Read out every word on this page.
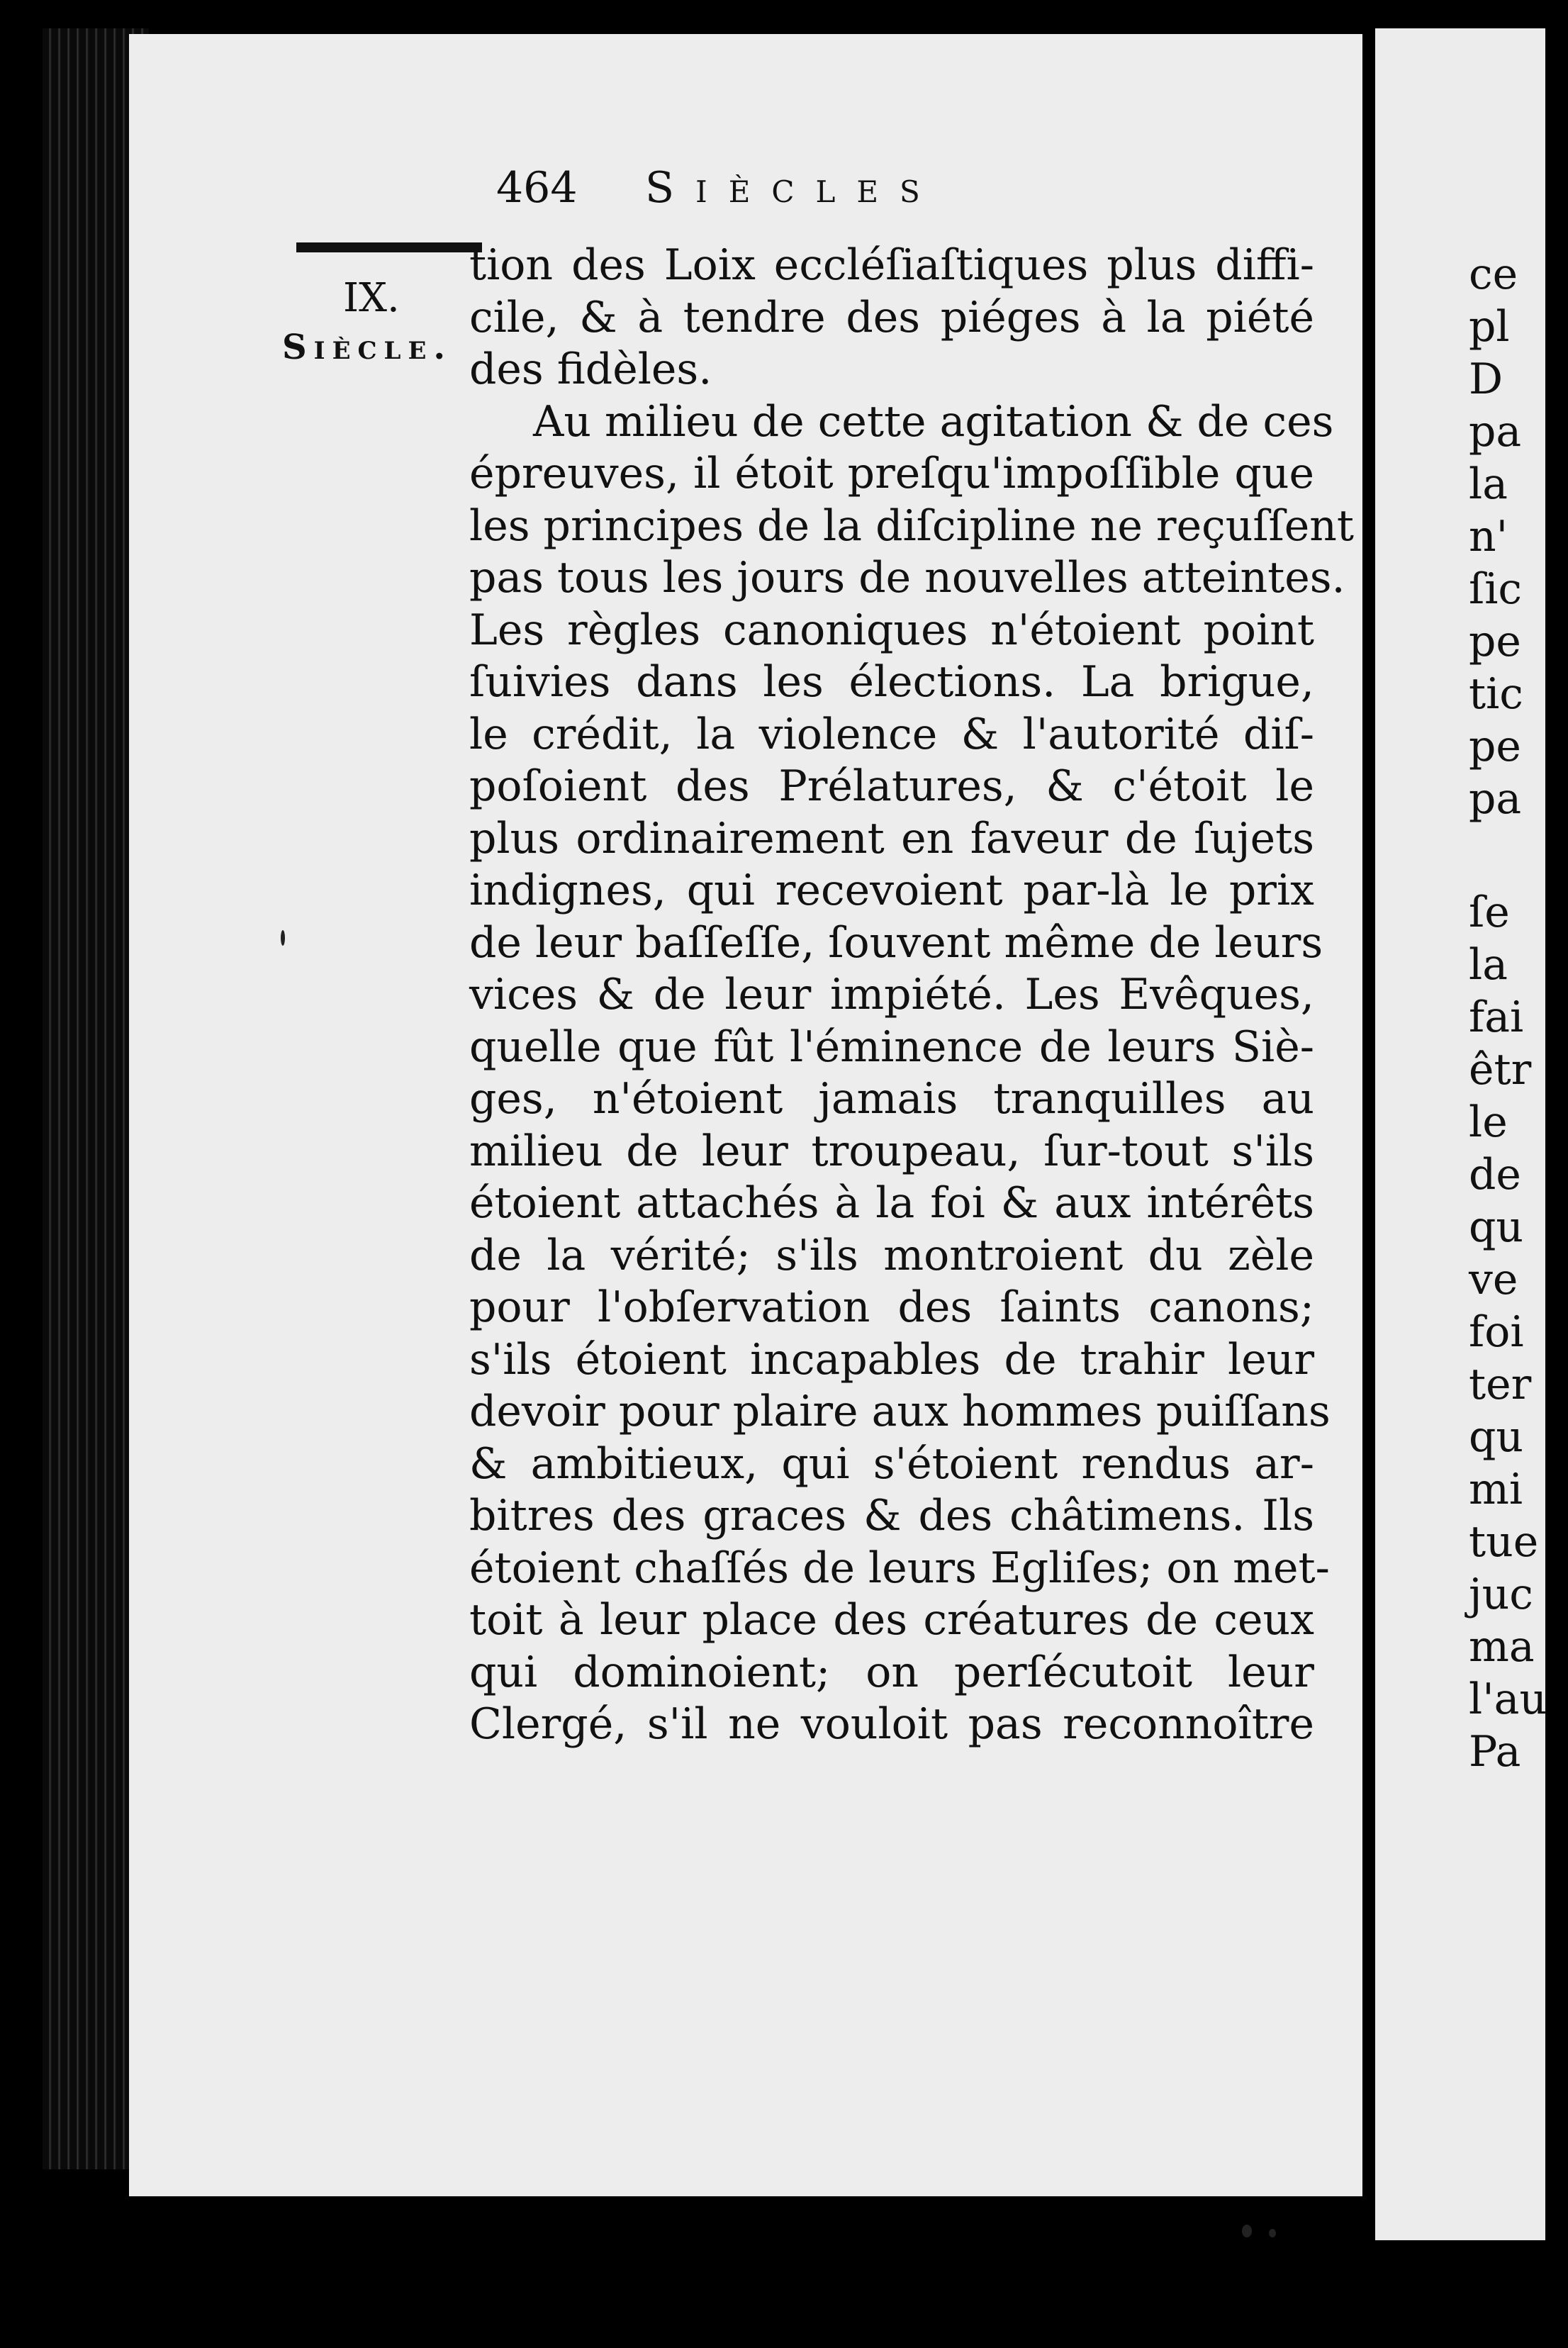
464 Siècles
IX.
Siècle.
tion des Loix eccléſiaſtiques plus diffi-
cile, & à tendre des piéges à la piété
des fidèles.
Au milieu de cette agitation & de ces
épreuves, il étoit preſqu'impoſſible que
les principes de la diſcipline ne reçuſſent
pas tous les jours de nouvelles atteintes.
Les règles canoniques n'étoient point
ſuivies dans les élections. La brigue,
le crédit, la violence & l'autorité diſ-
poſoient des Prélatures, & c'étoit le
plus ordinairement en faveur de ſujets
indignes, qui recevoient par-là le prix
de leur baſſeſſe, ſouvent même de leurs
vices & de leur impiété. Les Evêques,
quelle que fût l'éminence de leurs Siè-
ges, n'étoient jamais tranquilles au
milieu de leur troupeau, ſur-tout s'ils
étoient attachés à la foi & aux intérêts
de la vérité; s'ils montroient du zèle
pour l'obſervation des ſaints canons;
s'ils étoient incapables de trahir leur
devoir pour plaire aux hommes puiſſans
& ambitieux, qui s'étoient rendus ar-
bitres des graces & des châtimens. Ils
étoient chaſſés de leurs Egliſes; on met-
toit à leur place des créatures de ceux
qui dominoient; on perſécutoit leur
Clergé, s'il ne vouloit pas reconnoître
ce
pl
D
pa
la
n'
ſic
pe
tic
pe
pa
ſe
la
fai
êtr
le
de
qu
ve
foi
ter
qu
mi
tue
juc
ma
l'au
Pa
